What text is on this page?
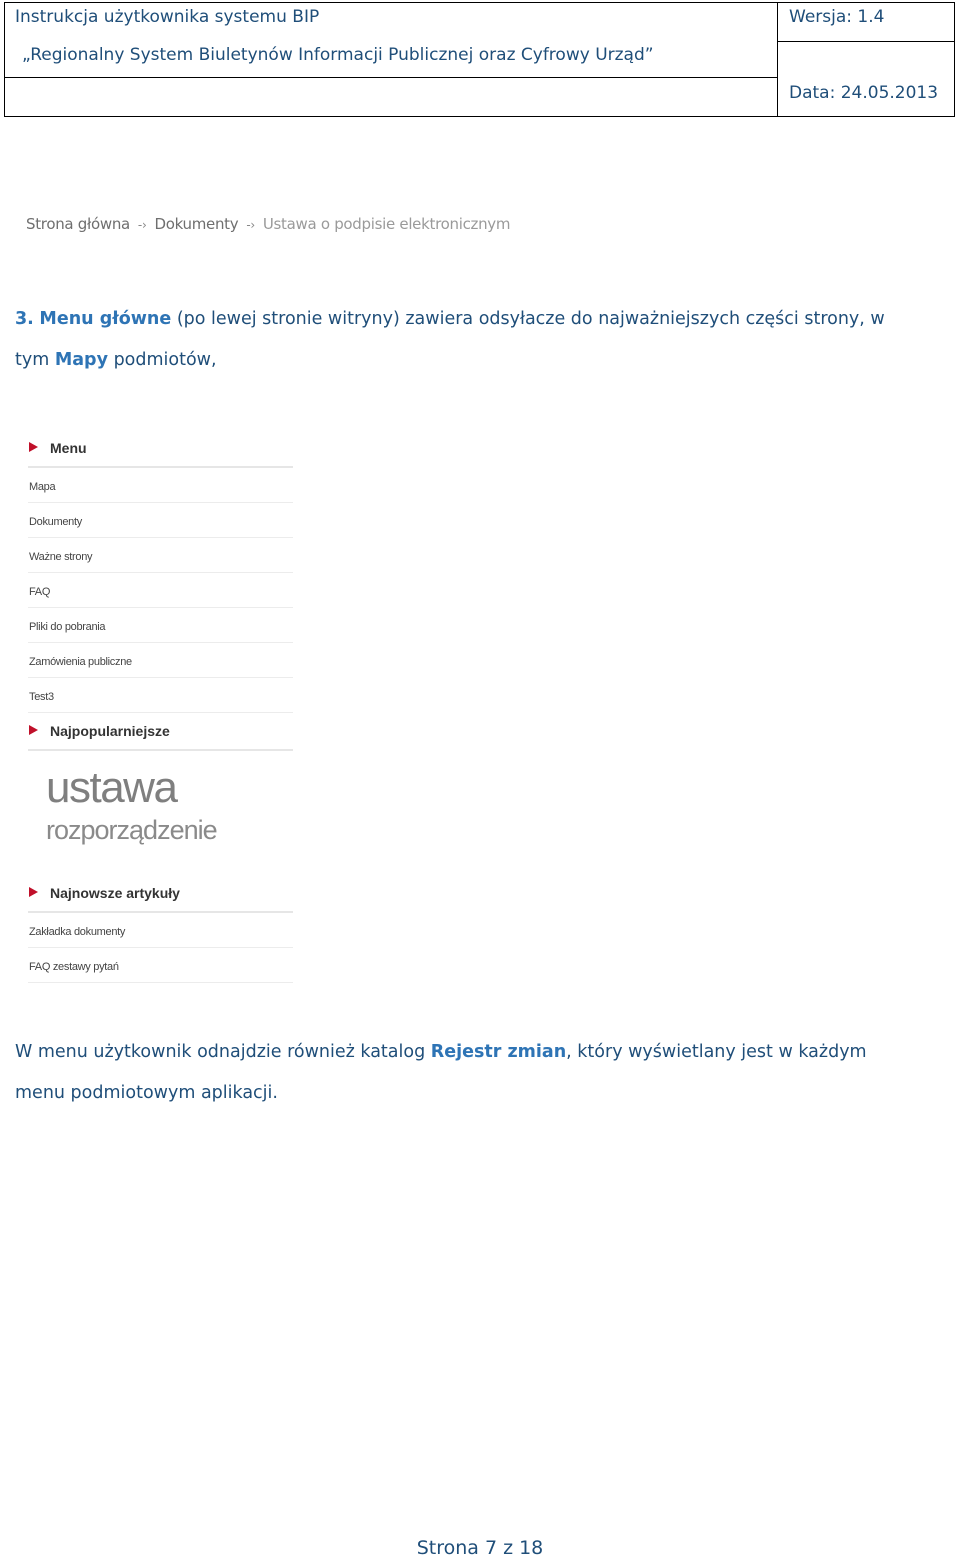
Instrukcja użytkownika systemu BIP
„Regionalny System Biuletynów Informacji Publicznej oraz Cyfrowy Urząd”
Wersja: 1.4
Data: 24.05.2013
Strona główna -› Dokumenty -› Ustawa o podpisie elektronicznym
3. Menu główne (po lewej stronie witryny) zawiera odsyłacze do najważniejszych części strony, w
tym Mapy podmiotów,
Menu
Mapa
Dokumenty
Ważne strony
FAQ
Pliki do pobrania
Zamówienia publiczne
Test3
Najpopularniejsze
ustawa
rozporządzenie
Najnowsze artykuły
Zakładka dokumenty
FAQ zestawy pytań
W menu użytkownik odnajdzie również katalog Rejestr zmian, który wyświetlany jest w każdym
menu podmiotowym aplikacji.
Strona 7 z 18
